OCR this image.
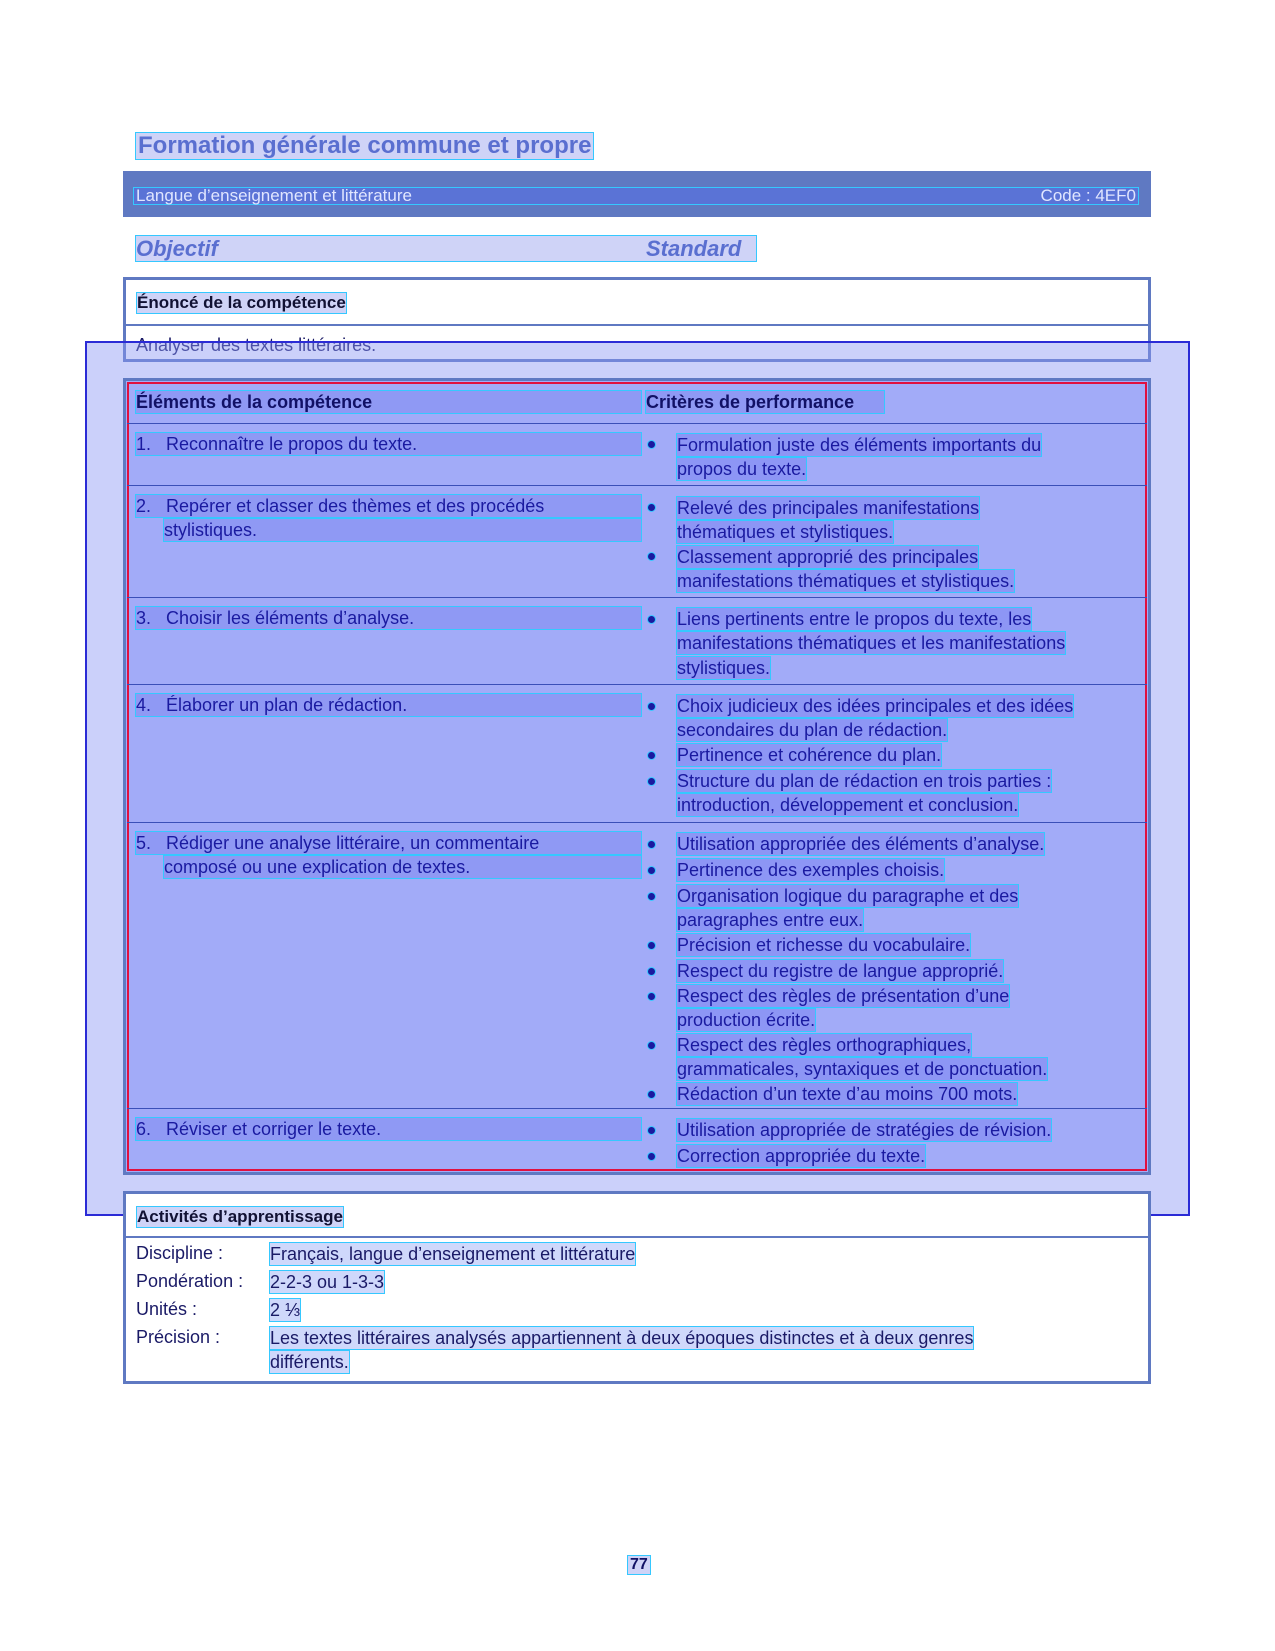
Formation générale commune et propre
Langue d’enseignement et littérature	Code : 4EF0
Objectif	Standard
Énoncé de la compétence
Analyser des textes littéraires.
Éléments de la compétence	Critères de performance
1. Reconnaître le propos du texte.	Formulation juste des éléments importants du
propos du texte.
2. Repérer et classer des thèmes et des procédés
stylistiques.
Relevé des principales manifestations
thématiques et stylistiques.
Classement approprié des principales
manifestations thématiques et stylistiques.
3. Choisir les éléments d’analyse.	Liens pertinents entre le propos du texte, les
manifestations thématiques et les manifestations
stylistiques.
4. Élaborer un plan de rédaction.	Choix judicieux des idées principales et des idées
secondaires du plan de rédaction.
Pertinence et cohérence du plan.
Structure du plan de rédaction en trois parties :
introduction, développement et conclusion.
5. Rédiger une analyse littéraire, un commentaire
composé ou une explication de textes.
Utilisation appropriée des éléments d’analyse.
Pertinence des exemples choisis.
Organisation logique du paragraphe et des
paragraphes entre eux.
Précision et richesse du vocabulaire.
Respect du registre de langue approprié.
Respect des règles de présentation d’une
production écrite.
Respect des règles orthographiques,
grammaticales, syntaxiques et de ponctuation.
Rédaction d’un texte d’au moins 700 mots.
6. Réviser et corriger le texte.	Utilisation appropriée de stratégies de révision.
Correction appropriée du texte.
Activités d’apprentissage
Discipline :	Français, langue d’enseignement et littérature
Pondération : 2-2-3 ou 1-3-3
Unités :	2 ⅓
Précision :	Les textes littéraires analysés appartiennent à deux époques distinctes et à deux genres
différents.
77
